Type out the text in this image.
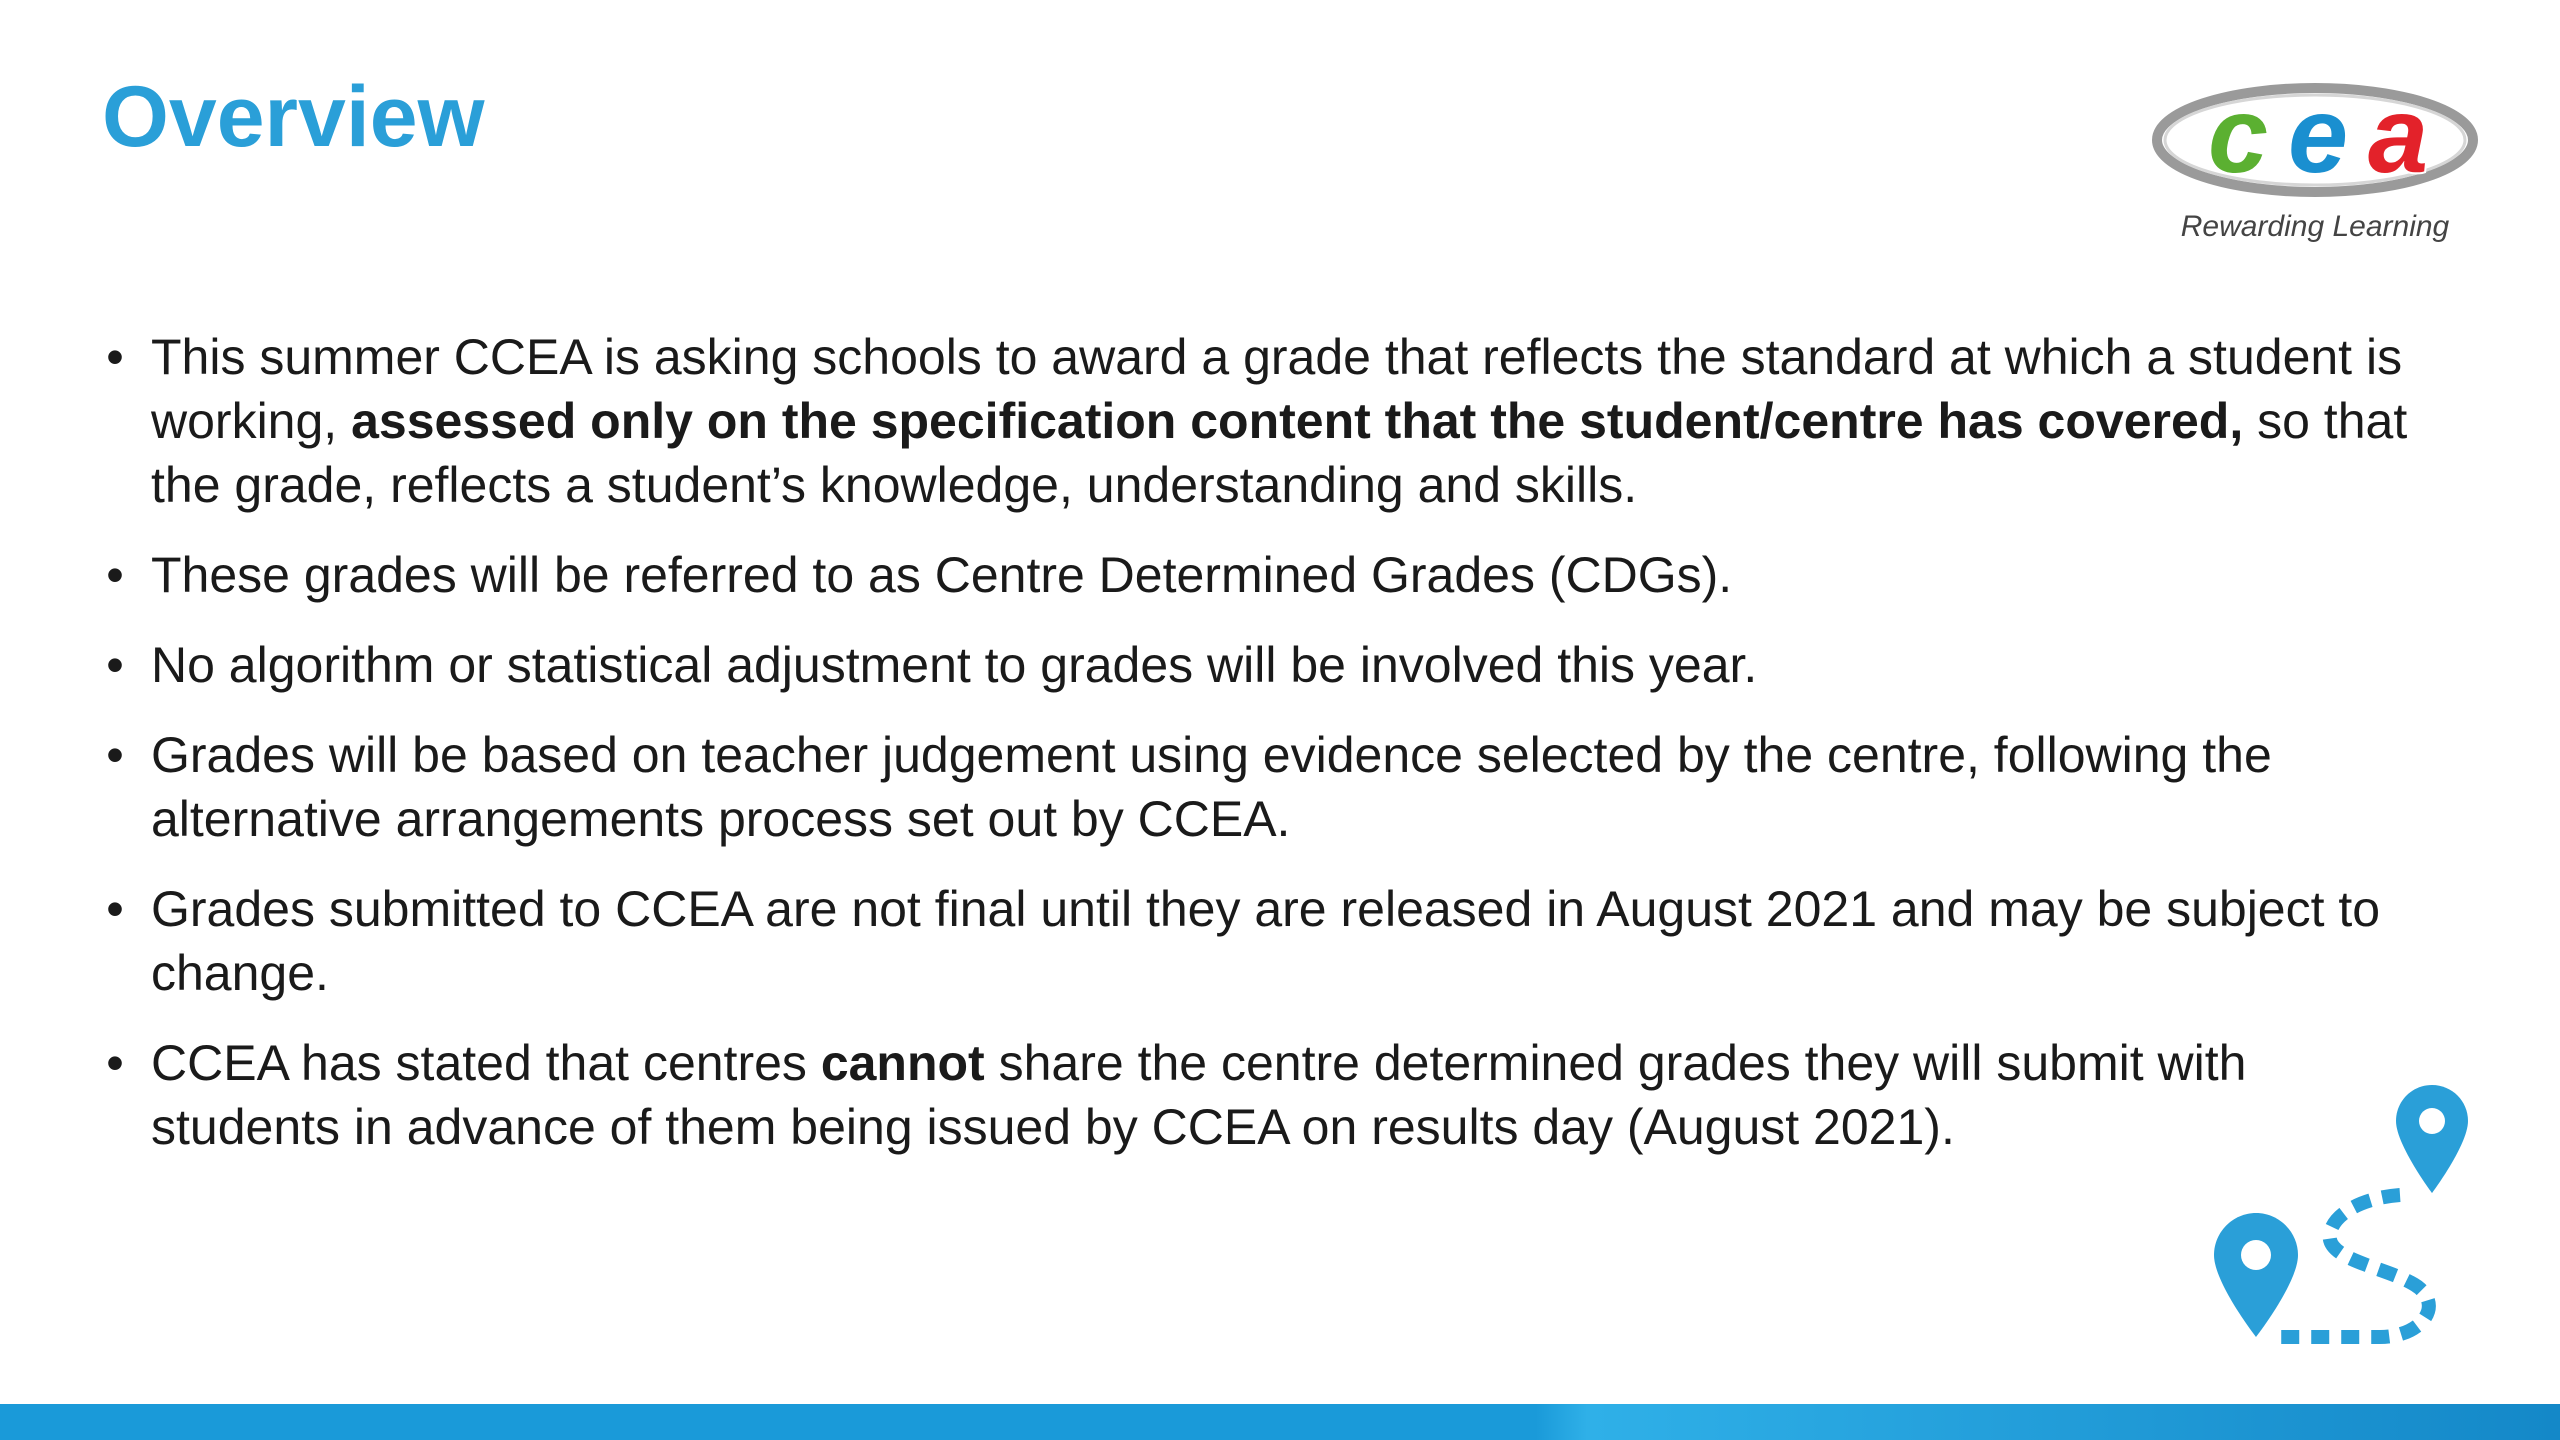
Overview	c e a
Rewarding Learning
• This summer CCEA is asking schools to award a grade that reflects the standard at which a student is working, assessed only on the specification content that the student/centre has covered, so that the grade, reflects a student’s knowledge, understanding and skills.
• These grades will be referred to as Centre Determined Grades (CDGs).
• No algorithm or statistical adjustment to grades will be involved this year.
• Grades will be based on teacher judgement using evidence selected by the centre, following the alternative arrangements process set out by CCEA.
• Grades submitted to CCEA are not final until they are released in August 2021 and may be subject to change.
• CCEA has stated that centres cannot share the centre determined grades they will submit with students in advance of them being issued by CCEA on results day (August 2021).
